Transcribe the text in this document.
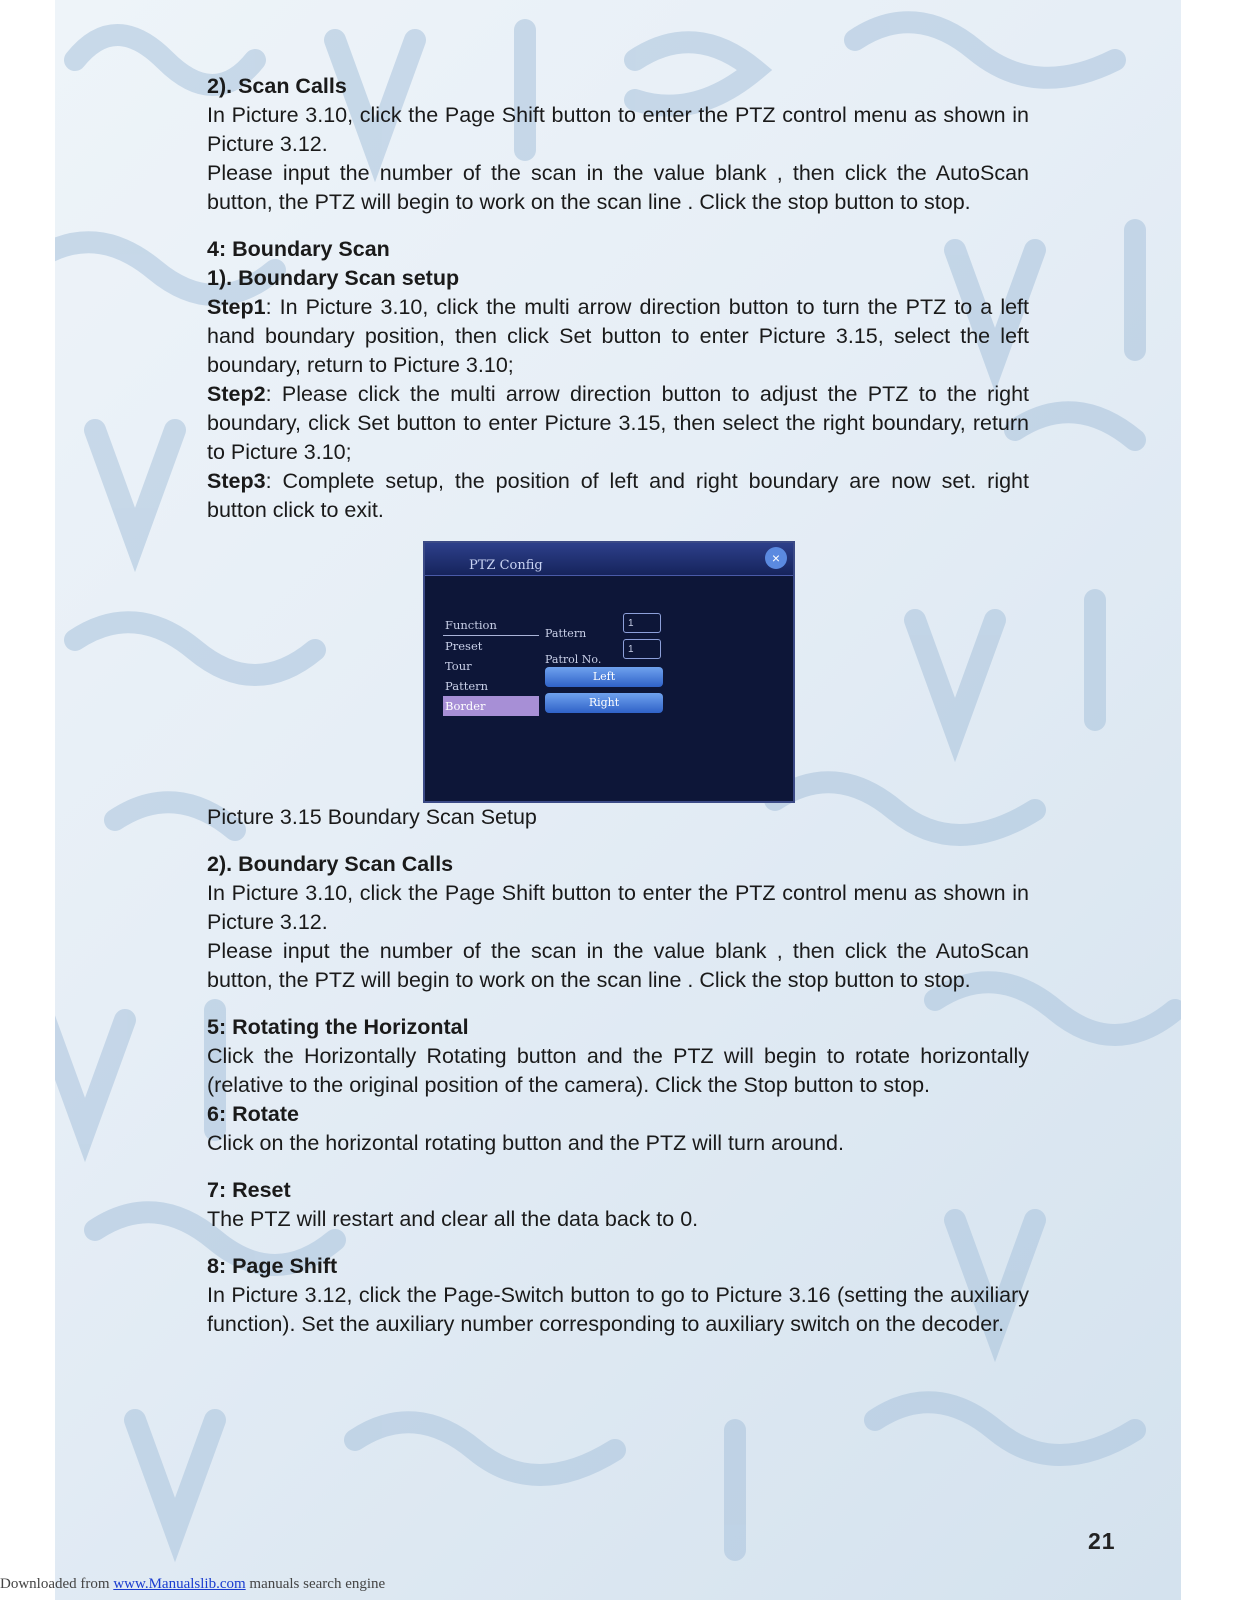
2). Scan Calls

In Picture 3.10, click the Page Shift button to enter the PTZ control menu as shown in Picture 3.12.

Please input the number of the scan in the value blank , then click the AutoScan button, the PTZ will begin to work on the scan line . Click the stop button to stop.

4: Boundary Scan

1). Boundary Scan setup

Step1: In Picture 3.10, click the multi arrow direction button to turn the PTZ to a left hand boundary position, then click Set button to enter Picture 3.15, select the left boundary, return to Picture 3.10;

Step2: Please click the multi arrow direction button to adjust the PTZ to the right boundary, click Set button to enter Picture 3.15, then select the right boundary, return to Picture 3.10;

Step3: Complete setup, the position of left and right boundary are now set. right button click to exit.

PTZ Config	×
Function
Preset
Tour
Pattern
Border
Pattern
1
Patrol No.
1
Left
Right

Picture 3.15 Boundary Scan Setup

2). Boundary Scan Calls

In Picture 3.10, click the Page Shift button to enter the PTZ control menu as shown in Picture 3.12.

Please input the number of the scan in the value blank , then click the AutoScan button, the PTZ will begin to work on the scan line . Click the stop button to stop.

5: Rotating the Horizontal

Click the Horizontally Rotating button and the PTZ will begin to rotate horizontally (relative to the original position of the camera). Click the Stop button to stop.

6: Rotate

Click on the horizontal rotating button and the PTZ will turn around.

7: Reset

The PTZ will restart and clear all the data back to 0.

8: Page Shift

In Picture 3.12, click the Page-Switch button to go to Picture 3.16 (setting the auxiliary function). Set the auxiliary number corresponding to auxiliary switch on the decoder.

21
Downloaded from www.Manualslib.com manuals search engine
